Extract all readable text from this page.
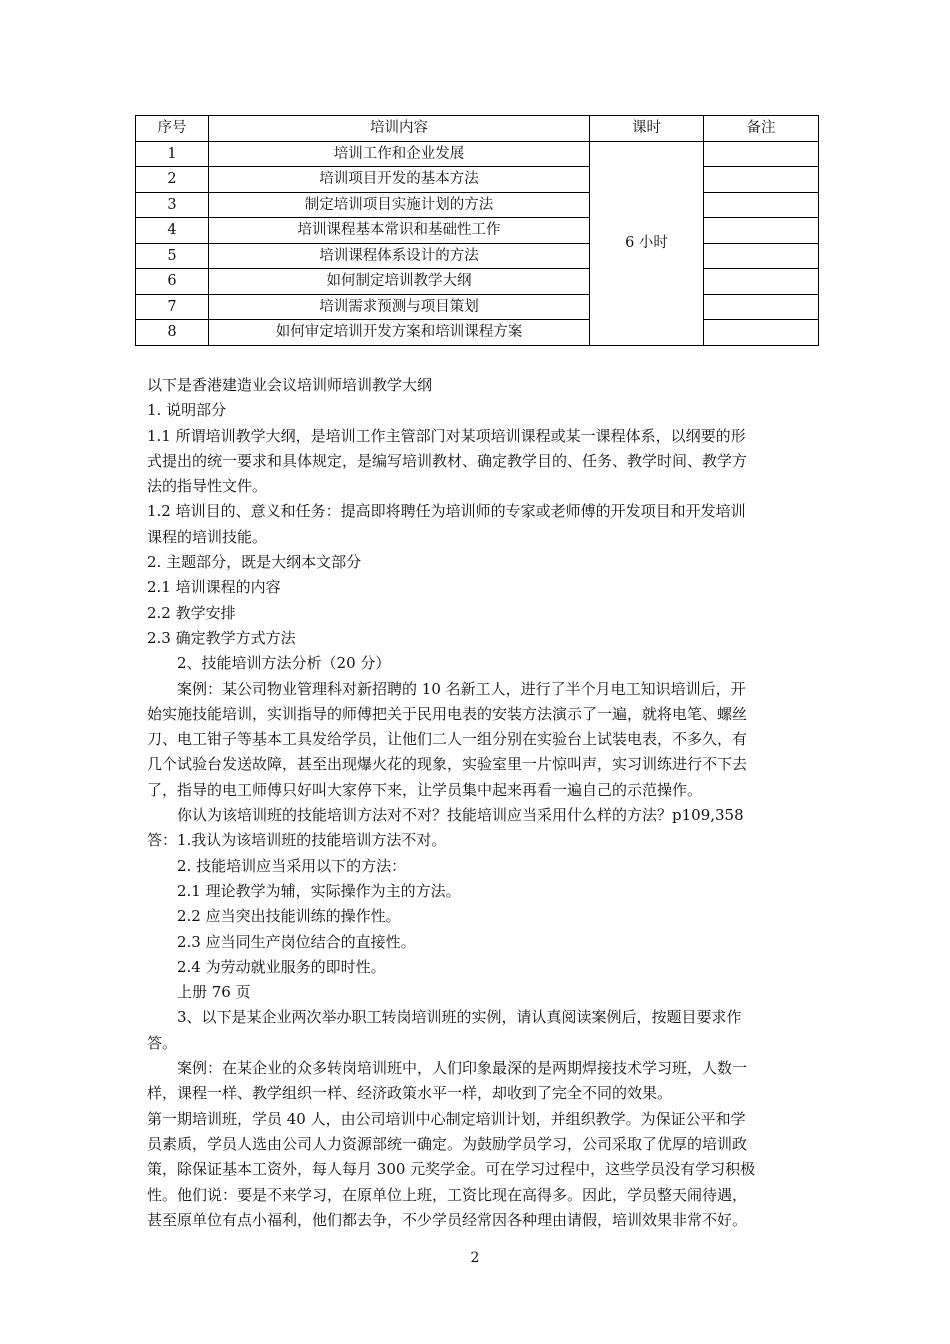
序号	培训内容	课时	备注
1	培训工作和企业发展	6 小时	
2	培训项目开发的基本方法		
3	制定培训项目实施计划的方法		
4	培训课程基本常识和基础性工作		
5	培训课程体系设计的方法		
6	如何制定培训教学大纲		
7	培训需求预测与项目策划		
8	如何审定培训开发方案和培训课程方案		
以下是香港建造业会议培训师培训教学大纲
1. 说明部分
1.1 所谓培训教学大纲，是培训工作主管部门对某项培训课程或某一课程体系，以纲要的形
式提出的统一要求和具体规定，是编写培训教材、确定教学目的、任务、教学时间、教学方
法的指导性文件。
1.2 培训目的、意义和任务：提高即将聘任为培训师的专家或老师傅的开发项目和开发培训
课程的培训技能。
2. 主题部分，既是大纲本文部分
2.1 培训课程的内容
2.2 教学安排
2.3 确定教学方式方法
2、技能培训方法分析（20 分）
案例：某公司物业管理科对新招聘的 10 名新工人，进行了半个月电工知识培训后，开
始实施技能培训，实训指导的师傅把关于民用电表的安装方法演示了一遍，就将电笔、螺丝
刀、电工钳子等基本工具发给学员，让他们二人一组分别在实验台上试装电表，不多久，有
几个试验台发送故障，甚至出现爆火花的现象，实验室里一片惊叫声，实习训练进行不下去
了，指导的电工师傅只好叫大家停下来，让学员集中起来再看一遍自己的示范操作。
你认为该培训班的技能培训方法对不对？技能培训应当采用什么样的方法？p109,358
答：1.我认为该培训班的技能培训方法不对。
2. 技能培训应当采用以下的方法：
2.1 理论教学为辅，实际操作为主的方法。
2.2 应当突出技能训练的操作性。
2.3 应当同生产岗位结合的直接性。
2.4 为劳动就业服务的即时性。
上册 76 页
3、以下是某企业两次举办职工转岗培训班的实例，请认真阅读案例后，按题目要求作
答。
案例：在某企业的众多转岗培训班中，人们印象最深的是两期焊接技术学习班，人数一
样，课程一样、教学组织一样、经济政策水平一样，却收到了完全不同的效果。
第一期培训班，学员 40 人，由公司培训中心制定培训计划，并组织教学。为保证公平和学
员素质，学员人选由公司人力资源部统一确定。为鼓励学员学习，公司采取了优厚的培训政
策，除保证基本工资外，每人每月 300 元奖学金。可在学习过程中，这些学员没有学习积极
性。他们说：要是不来学习，在原单位上班，工资比现在高得多。因此，学员整天闹待遇，
甚至原单位有点小福利，他们都去争，不少学员经常因各种理由请假，培训效果非常不好。
2
